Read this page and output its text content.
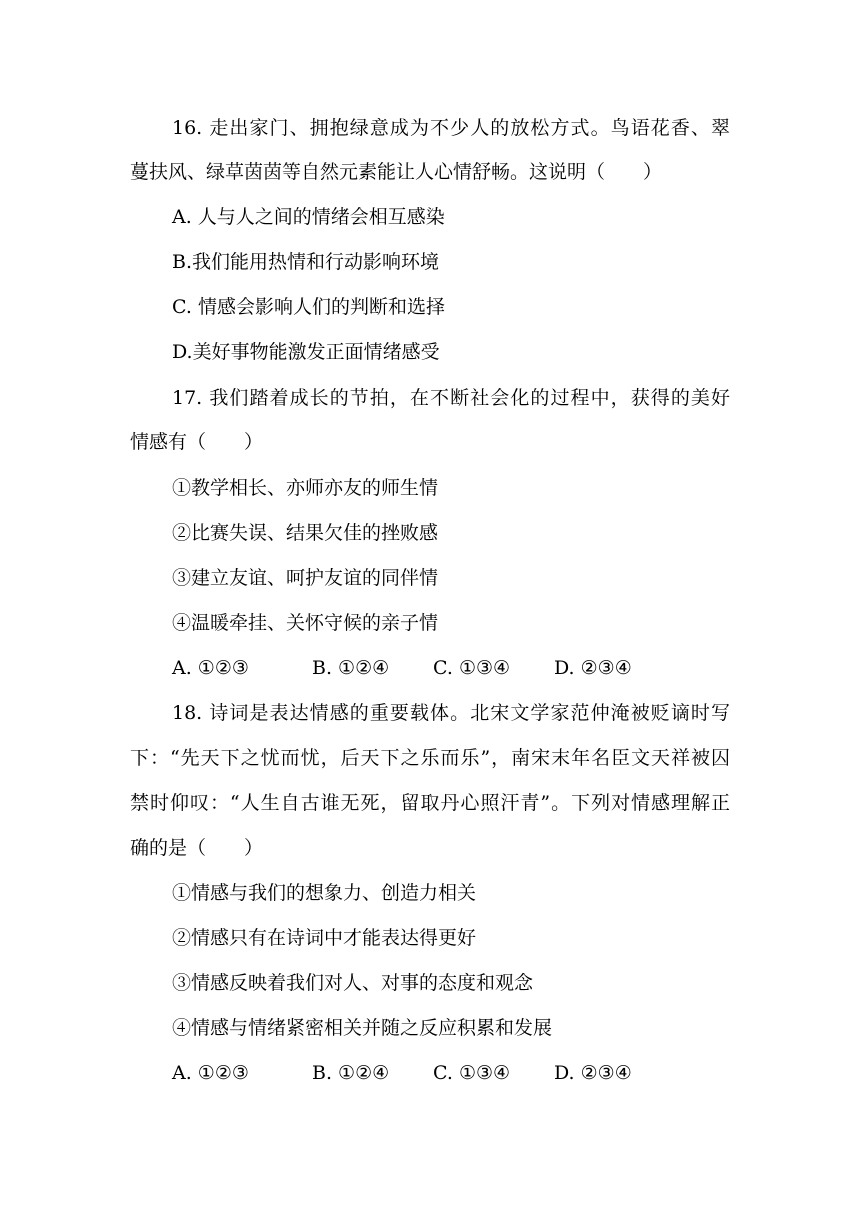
16. 走出家门、拥抱绿意成为不少人的放松方式。鸟语花香、翠
蔓扶风、绿草茵茵等自然元素能让人心情舒畅。这说明（　　）
A. 人与人之间的情绪会相互感染
B.我们能用热情和行动影响环境
C. 情感会影响人们的判断和选择
D.美好事物能激发正面情绪感受
17. 我们踏着成长的节拍，在不断社会化的过程中，获得的美好
情感有（　　）
①教学相长、亦师亦友的师生情
②比赛失误、结果欠佳的挫败感
③建立友谊、呵护友谊的同伴情
④温暖牵挂、关怀守候的亲子情
A. ①②③	B. ①②④ C. ①③④ D. ②③④
18. 诗词是表达情感的重要载体。北宋文学家范仲淹被贬谪时写
下：“先天下之忧而忧，后天下之乐而乐”，南宋末年名臣文天祥被囚
禁时仰叹：“人生自古谁无死，留取丹心照汗青”。下列对情感理解正
确的是（　　）
①情感与我们的想象力、创造力相关
②情感只有在诗词中才能表达得更好
③情感反映着我们对人、对事的态度和观念
④情感与情绪紧密相关并随之反应积累和发展
A. ①②③	B. ①②④ C. ①③④ D. ②③④
